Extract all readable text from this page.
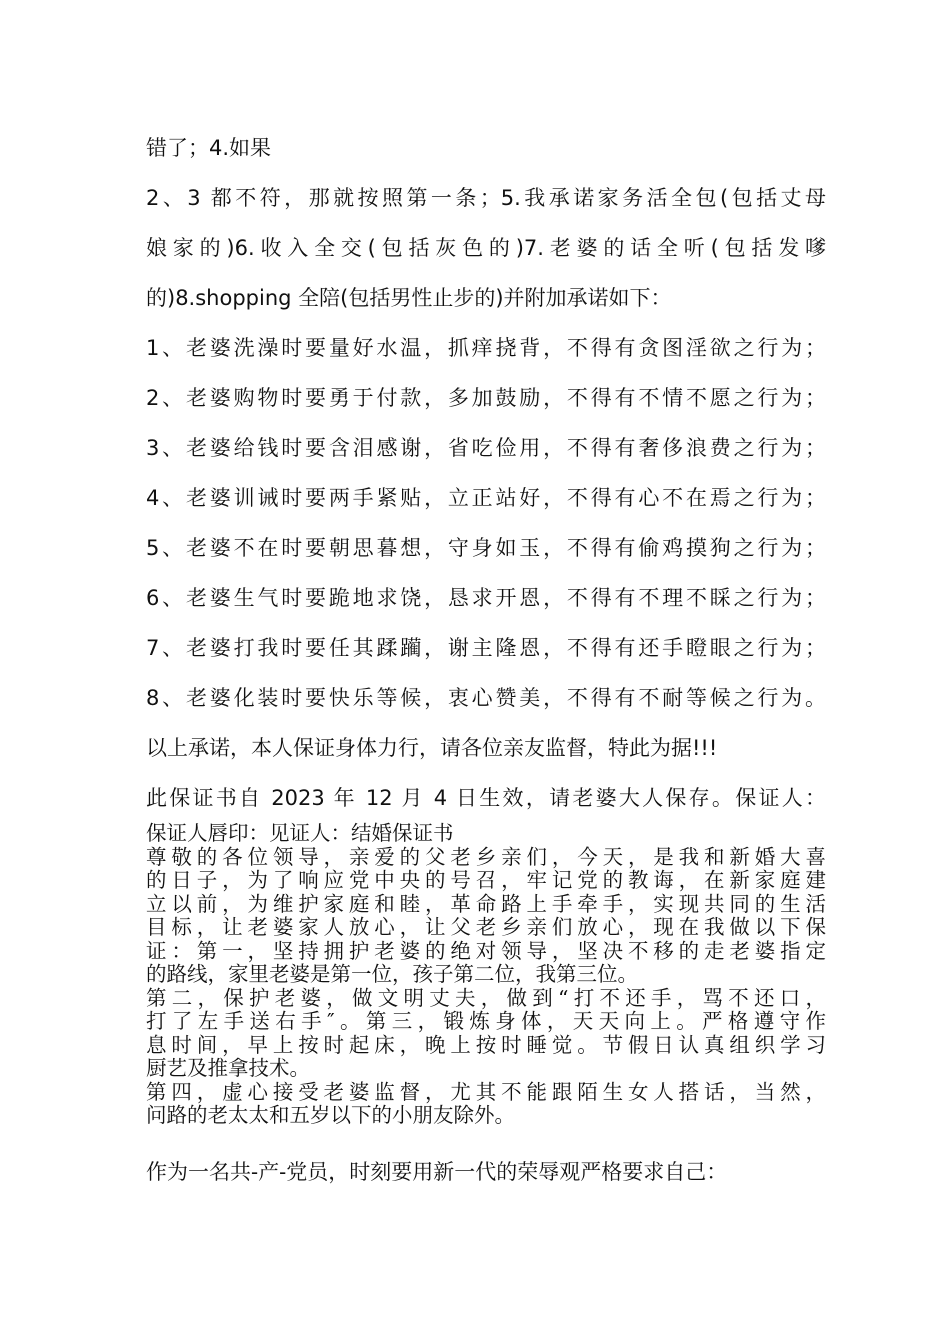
错了；4.如果

2、3 都不符，那就按照第一条；5.我承诺家务活全包(包括丈母

娘家的)6.收入全交(包括灰色的)7.老婆的话全听(包括发嗲

的)8.shopping 全陪(包括男性止步的)并附加承诺如下：

1、老婆洗澡时要量好水温，抓痒挠背，不得有贪图淫欲之行为；

2、老婆购物时要勇于付款，多加鼓励，不得有不情不愿之行为；

3、老婆给钱时要含泪感谢，省吃俭用，不得有奢侈浪费之行为；

4、老婆训诫时要两手紧贴，立正站好，不得有心不在焉之行为；

5、老婆不在时要朝思暮想，守身如玉，不得有偷鸡摸狗之行为；

6、老婆生气时要跪地求饶，恳求开恩，不得有不理不睬之行为；

7、老婆打我时要任其蹂躏，谢主隆恩，不得有还手瞪眼之行为；

8、老婆化装时要快乐等候，衷心赞美，不得有不耐等候之行为。

以上承诺，本人保证身体力行，请各位亲友监督，特此为据!!!

此保证书自 2023 年 12 月 4 日生效，请老婆大人保存。保证人：

保证人唇印：见证人：结婚保证书
尊敬的各位领导，亲爱的父老乡亲们，今天，是我和新婚大喜
的日子，为了响应党中央的号召，牢记党的教诲，在新家庭建
立以前，为维护家庭和睦，革命路上手牵手，实现共同的生活
目标，让老婆家人放心，让父老乡亲们放心，现在我做以下保
证：第一，坚持拥护老婆的绝对领导，坚决不移的走老婆指定
的路线，家里老婆是第一位，孩子第二位，我第三位。
第二，保护老婆，做文明丈夫，做到“打不还手，骂不还口，
打了左手送右手″。第三，锻炼身体，天天向上。严格遵守作
息时间，早上按时起床，晚上按时睡觉。节假日认真组织学习
厨艺及推拿技术。
第四，虚心接受老婆监督，尤其不能跟陌生女人搭话，当然，
问路的老太太和五岁以下的小朋友除外。

作为一名共-产-党员，时刻要用新一代的荣辱观严格要求自己：
